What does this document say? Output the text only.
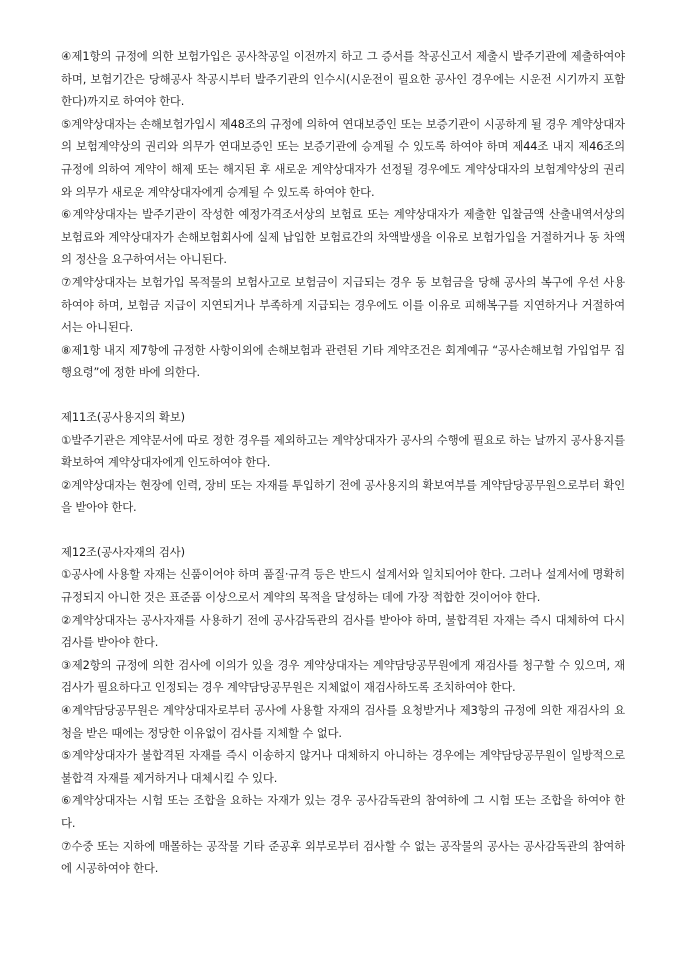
④제1항의 규정에 의한 보험가입은 공사착공일 이전까지 하고 그 증서를 착공신고서 제출시 발주기관에 제출하여야 하며, 보험기간은 당해공사 착공시부터 발주기관의 인수시(시운전이 필요한 공사인 경우에는 시운전 시기까지 포함한다)까지로 하여야 한다.

⑤계약상대자는 손해보험가입시 제48조의 규정에 의하여 연대보증인 또는 보증기관이 시공하게 될 경우 계약상대자의 보험계약상의 권리와 의무가 연대보증인 또는 보증기관에 승계될 수 있도록 하여야 하며 제44조 내지 제46조의 규정에 의하여 계약이 해제 또는 해지된 후 새로운 계약상대자가 선정될 경우에도 계약상대자의 보험계약상의 권리와 의무가 새로운 계약상대자에게 승계될 수 있도록 하여야 한다.

⑥계약상대자는 발주기관이 작성한 예정가격조서상의 보험료 또는 계약상대자가 제출한 입찰금액 산출내역서상의 보험료와 계약상대자가 손해보험회사에 실제 납입한 보험료간의 차액발생을 이유로 보험가입을 거절하거나 동 차액의 정산을 요구하여서는 아니된다.

⑦계약상대자는 보험가입 목적물의 보험사고로 보험금이 지급되는 경우 동 보험금을 당해 공사의 복구에 우선 사용하여야 하며, 보험금 지급이 지연되거나 부족하게 지급되는 경우에도 이를 이유로 피해복구를 지연하거나 거절하여서는 아니된다.

⑧제1항 내지 제7항에 규정한 사항이외에 손해보험과 관련된 기타 계약조건은 회계예규 “공사손해보험 가입업무 집행요령”에 정한 바에 의한다.

제11조(공사용지의 확보)

①발주기관은 계약문서에 따로 정한 경우를 제외하고는 계약상대자가 공사의 수행에 필요로 하는 날까지 공사용지를 확보하여 계약상대자에게 인도하여야 한다.

②계약상대자는 현장에 인력, 장비 또는 자재를 투입하기 전에 공사용지의 확보여부를 계약담당공무원으로부터 확인을 받아야 한다.

제12조(공사자재의 검사)

①공사에 사용할 자재는 신품이어야 하며 품질·규격 등은 반드시 설계서와 일치되어야 한다. 그러나 설계서에 명확히 규정되지 아니한 것은 표준품 이상으로서 계약의 목적을 달성하는 데에 가장 적합한 것이어야 한다.

②계약상대자는 공사자재를 사용하기 전에 공사감독관의 검사를 받아야 하며, 불합격된 자재는 즉시 대체하여 다시 검사를 받아야 한다.

③제2항의 규정에 의한 검사에 이의가 있을 경우 계약상대자는 계약담당공무원에게 재검사를 청구할 수 있으며, 재검사가 필요하다고 인정되는 경우 계약담당공무원은 지체없이 재검사하도록 조치하여야 한다.

④계약담당공무원은 계약상대자로부터 공사에 사용할 자재의 검사를 요청받거나 제3항의 규정에 의한 재검사의 요청을 받은 때에는 정당한 이유없이 검사를 지체할 수 없다.

⑤계약상대자가 불합격된 자재를 즉시 이송하지 않거나 대체하지 아니하는 경우에는 계약담당공무원이 일방적으로 불합격 자재를 제거하거나 대체시킬 수 있다.

⑥계약상대자는 시험 또는 조합을 요하는 자재가 있는 경우 공사감독관의 참여하에 그 시험 또는 조합을 하여야 한다.

⑦수중 또는 지하에 매몰하는 공작물 기타 준공후 외부로부터 검사할 수 없는 공작물의 공사는 공사감독관의 참여하에 시공하여야 한다.
